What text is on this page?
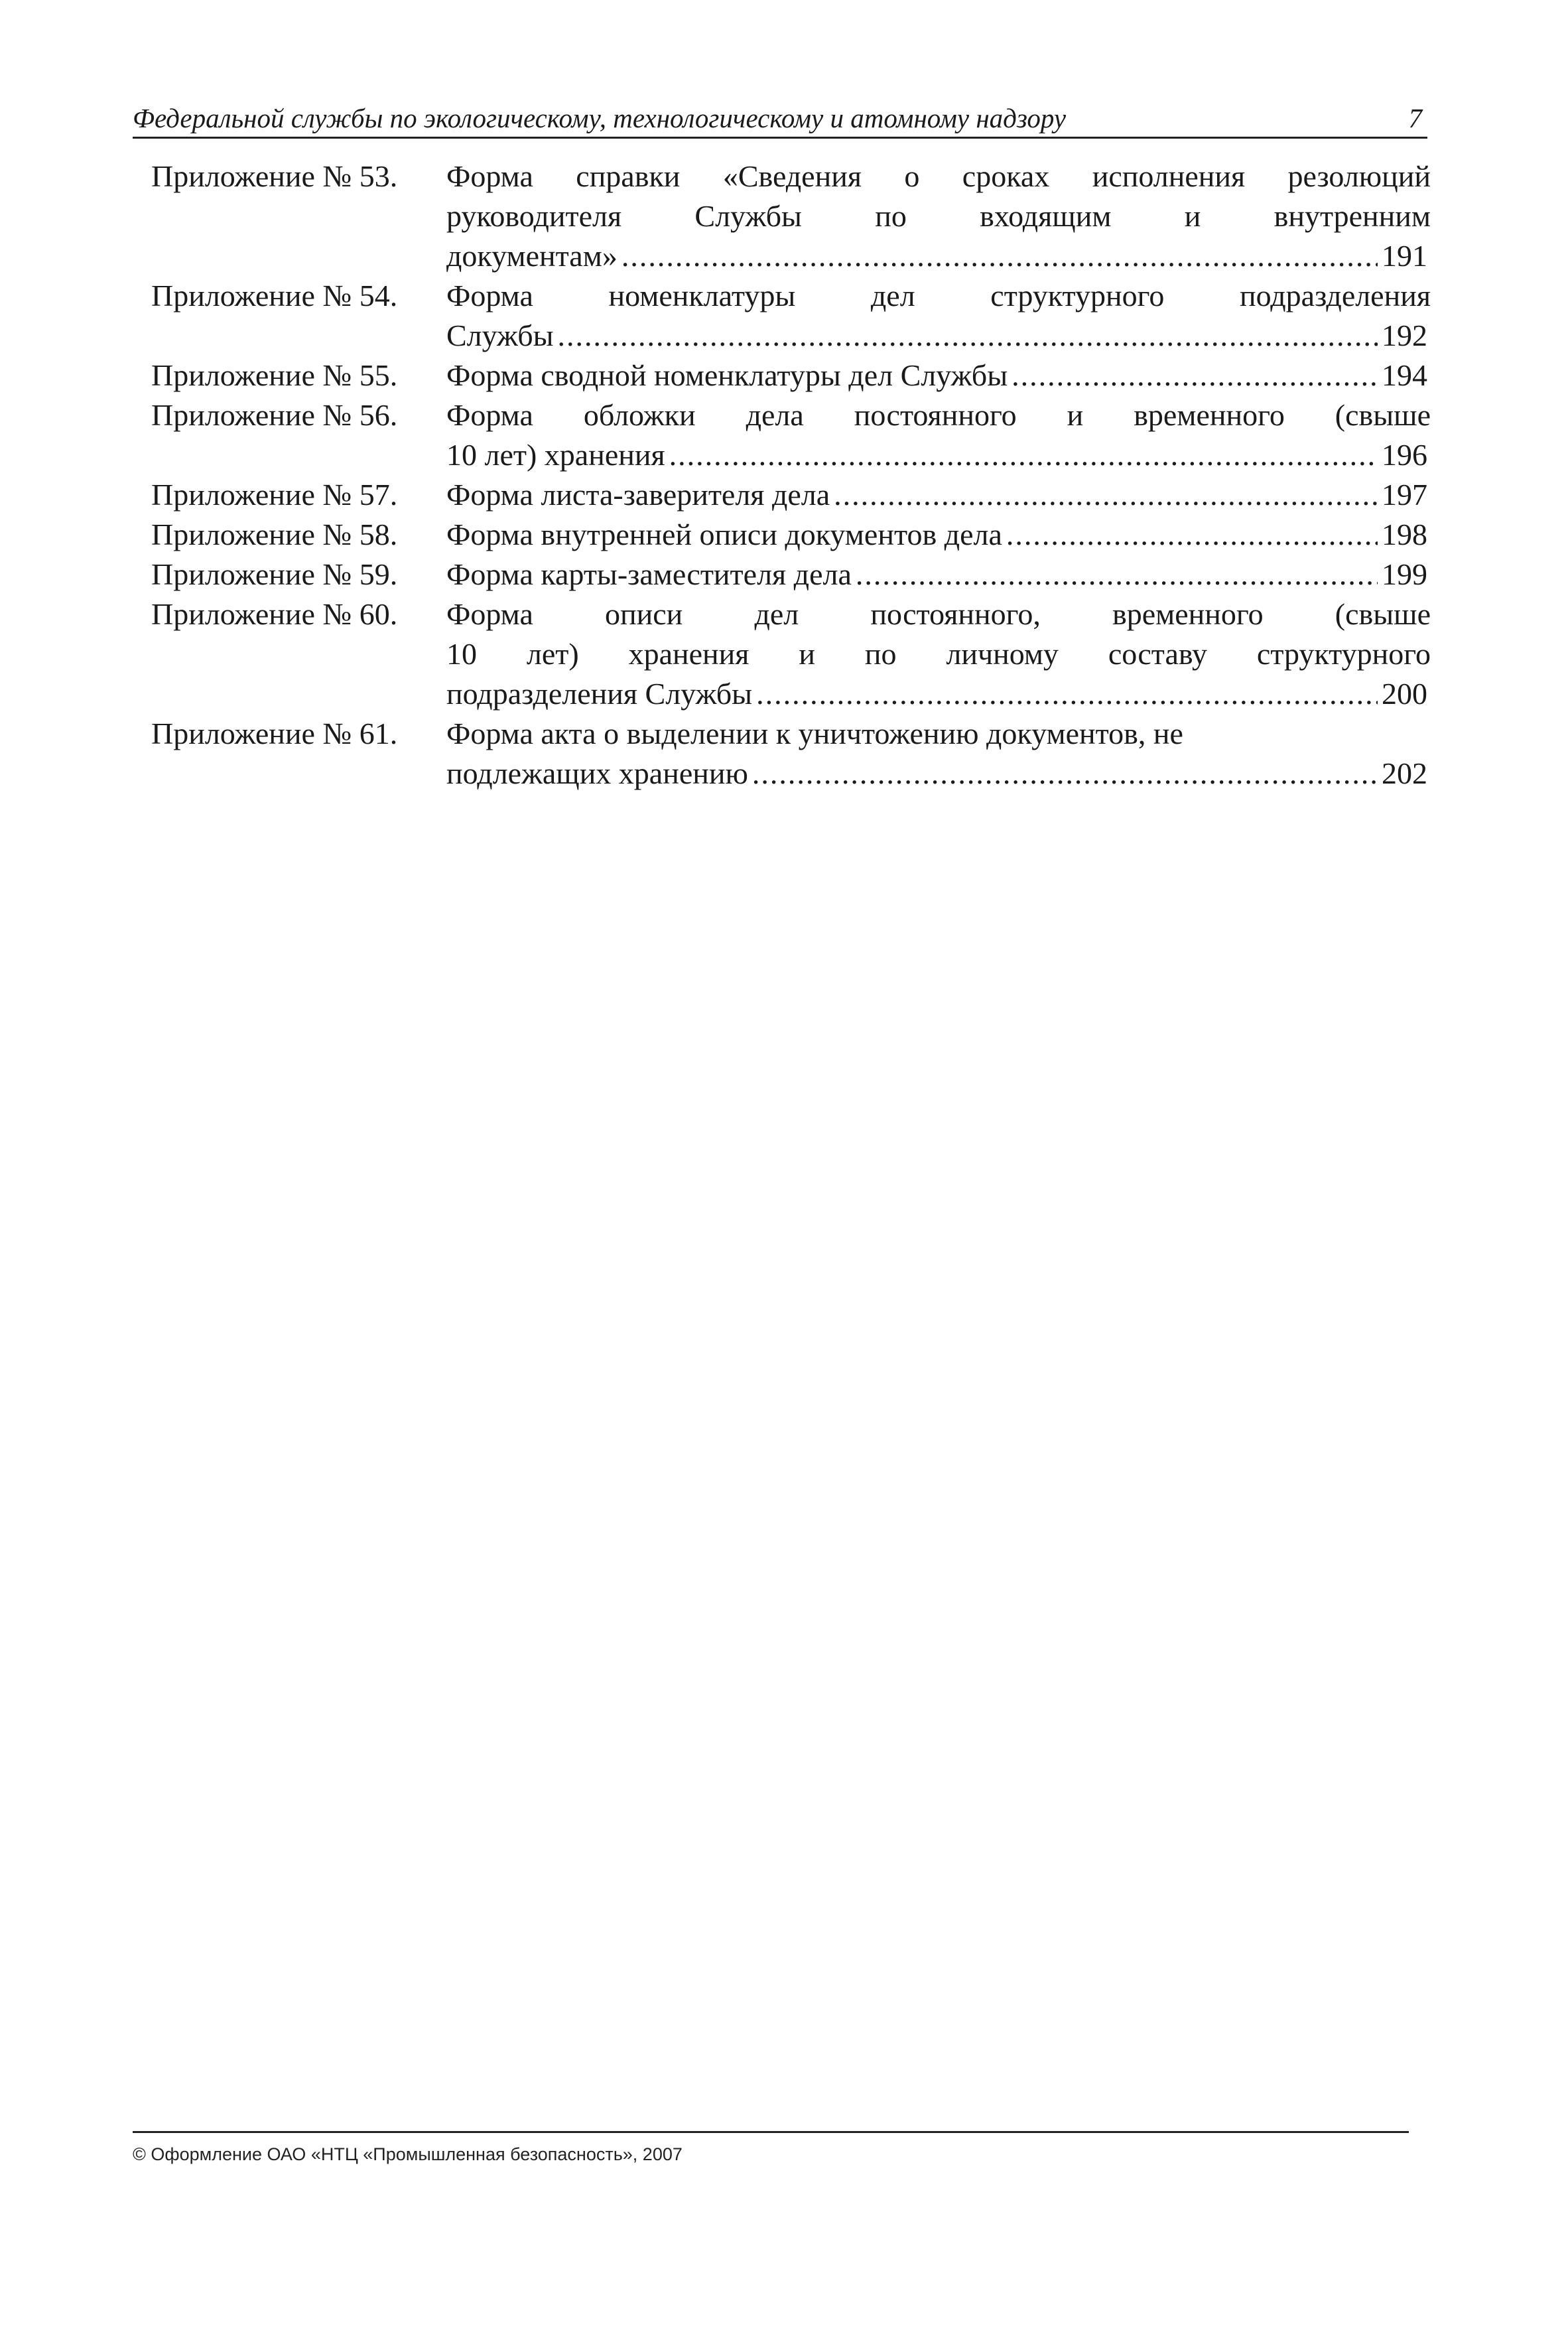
Федеральной службы по экологическому, технологическому и атомному надзору	7
Приложение № 53. Форма справки «Сведения о сроках исполнения резолюций
руководителя Службы по входящим и внутренним
документам» .....	191
Приложение № 54. Форма номенклатуры дел структурного подразделения
Службы .....	192
Приложение № 55. Форма сводной номенклатуры дел Службы .....	194
Приложение № 56. Форма обложки дела постоянного и временного (свыше
10 лет) хранения .....	196
Приложение № 57. Форма листа-заверителя дела .....	197
Приложение № 58. Форма внутренней описи документов дела .....	198
Приложение № 59. Форма карты-заместителя дела .....	199
Приложение № 60. Форма описи дел постоянного, временного (свыше
10 лет) хранения и по личному составу структурного
подразделения Службы .....	200
Приложение № 61. Форма акта о выделении к уничтожению документов, не
подлежащих хранению .....	202
© Оформление ОАО «НТЦ «Промышленная безопасность», 2007
